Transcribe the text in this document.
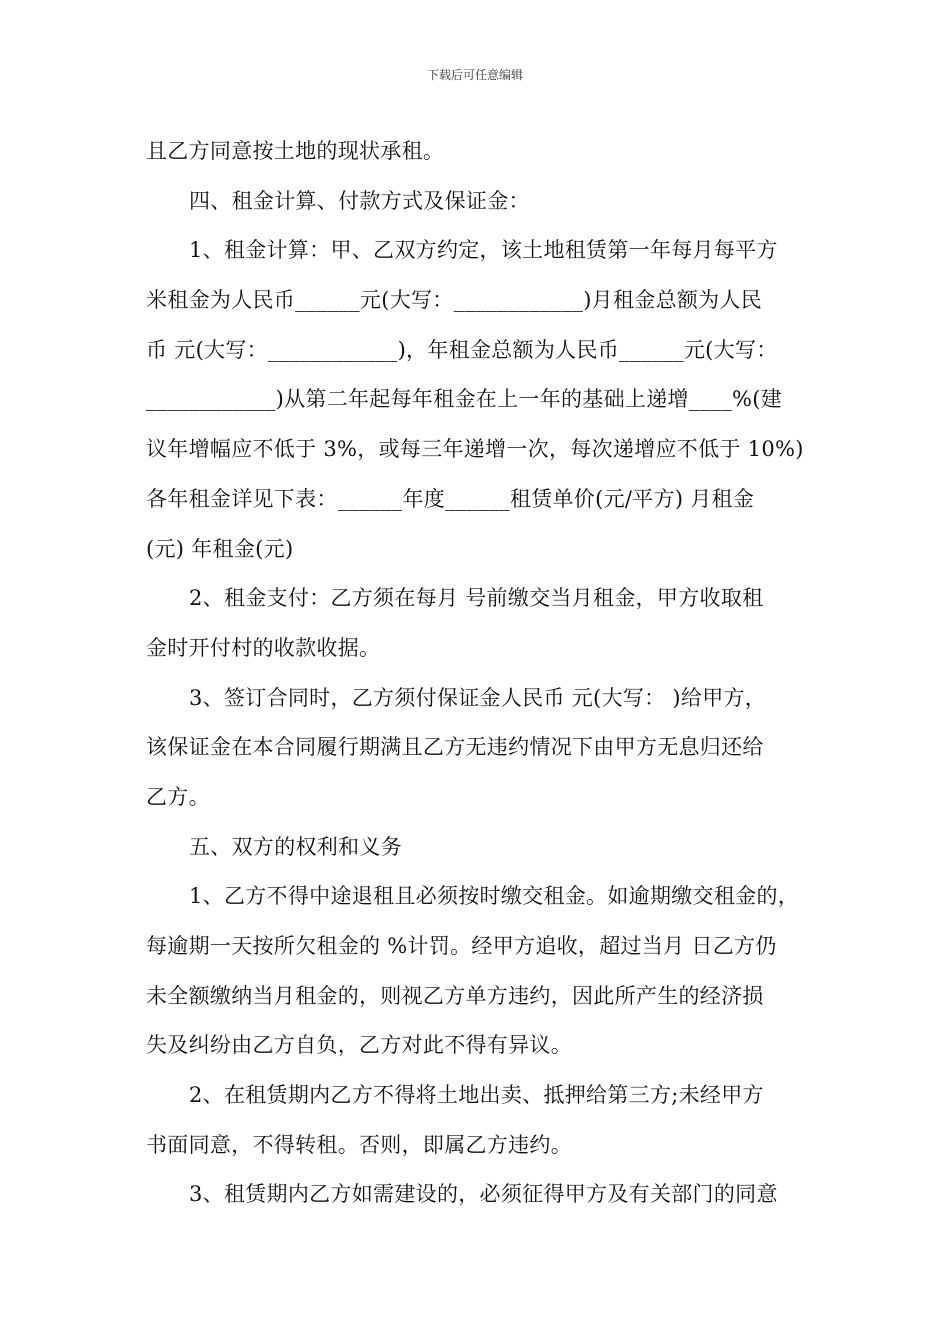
下载后可任意编辑
且乙方同意按土地的现状承租。
四、租金计算、付款方式及保证金：
1、租金计算：甲、乙双方约定，该土地租赁第一年每月每平方
米租金为人民币______元(大写：____________)月租金总额为人民
币 元(大写：____________)，年租金总额为人民币______元(大写：
____________)从第二年起每年租金在上一年的基础上递增____%(建
议年增幅应不低于 3%，或每三年递增一次，每次递增应不低于 10%)
各年租金详见下表：______年度______租赁单价(元/平方) 月租金
(元) 年租金(元)
2、租金支付：乙方须在每月 号前缴交当月租金，甲方收取租
金时开付村的收款收据。
3、签订合同时，乙方须付保证金人民币 元(大写： )给甲方，
该保证金在本合同履行期满且乙方无违约情况下由甲方无息归还给
乙方。
五、双方的权利和义务
1、乙方不得中途退租且必须按时缴交租金。如逾期缴交租金的，
每逾期一天按所欠租金的 %计罚。经甲方追收，超过当月 日乙方仍
未全额缴纳当月租金的，则视乙方单方违约，因此所产生的经济损
失及纠纷由乙方自负，乙方对此不得有异议。
2、在租赁期内乙方不得将土地出卖、抵押给第三方;未经甲方
书面同意，不得转租。否则，即属乙方违约。
3、租赁期内乙方如需建设的，必须征得甲方及有关部门的同意
